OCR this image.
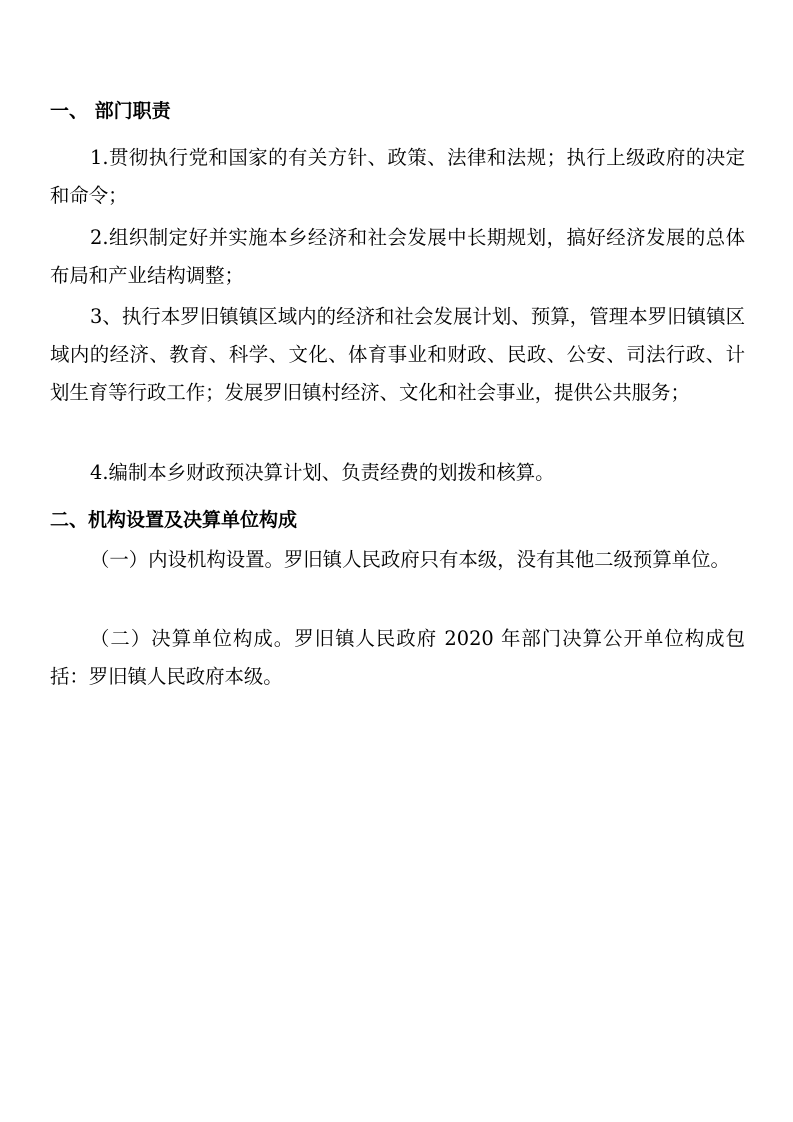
一、 部门职责

1.贯彻执行党和国家的有关方针、政策、法律和法规；执行上级政府的决定和命令；

2.组织制定好并实施本乡经济和社会发展中长期规划，搞好经济发展的总体布局和产业结构调整；

3、执行本罗旧镇镇区域内的经济和社会发展计划、预算，管理本罗旧镇镇区域内的经济、教育、科学、文化、体育事业和财政、民政、公安、司法行政、计划生育等行政工作；发展罗旧镇村经济、文化和社会事业，提供公共服务；

4.编制本乡财政预决算计划、负责经费的划拨和核算。

二、机构设置及决算单位构成

（一）内设机构设置。罗旧镇人民政府只有本级，没有其他二级预算单位。

（二）决算单位构成。罗旧镇人民政府 2020 年部门决算公开单位构成包括：罗旧镇人民政府本级。
